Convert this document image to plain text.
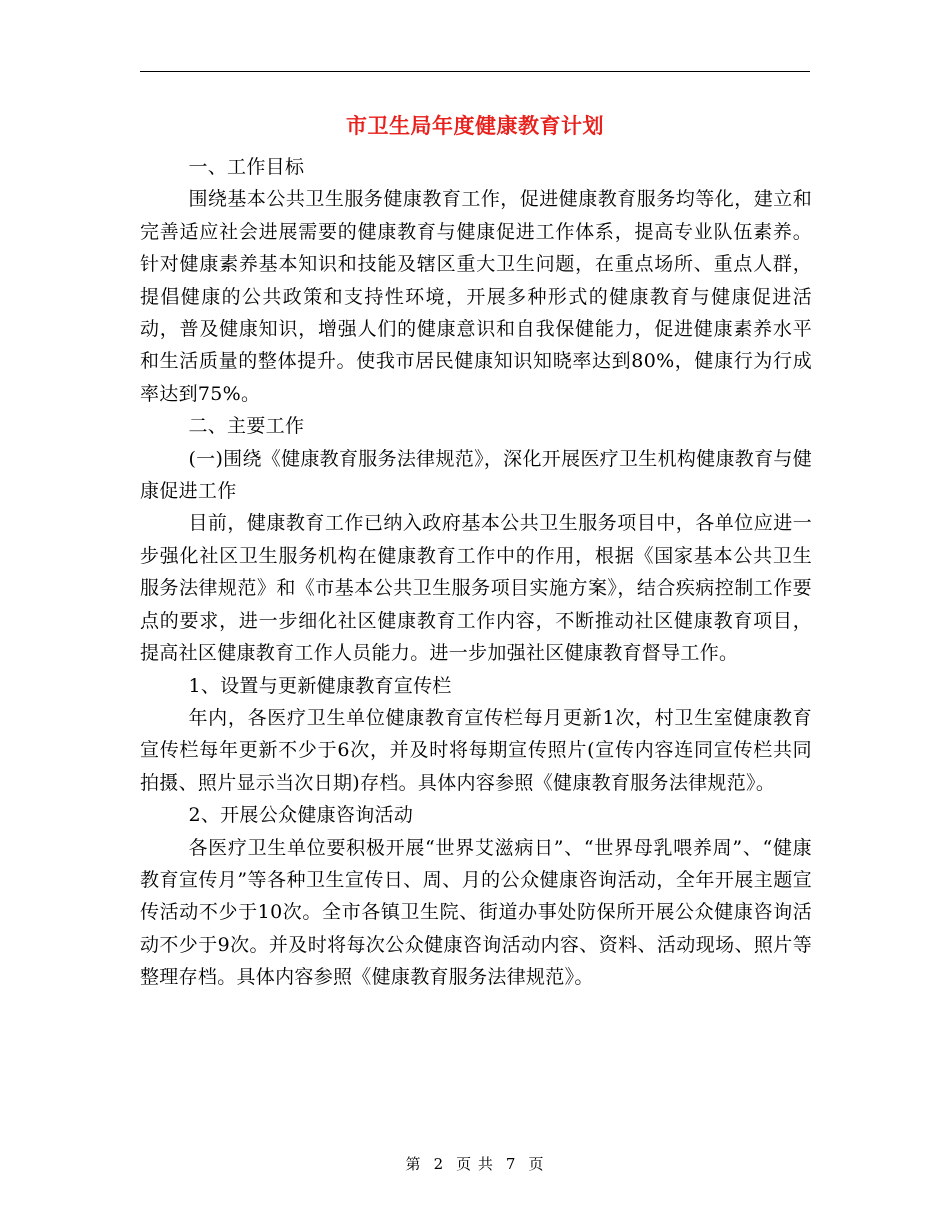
市卫生局年度健康教育计划

一、工作目标

围绕基本公共卫生服务健康教育工作，促进健康教育服务均等化，建立和完善适应社会进展需要的健康教育与健康促进工作体系，提高专业队伍素养。针对健康素养基本知识和技能及辖区重大卫生问题，在重点场所、重点人群，提倡健康的公共政策和支持性环境，开展多种形式的健康教育与健康促进活动，普及健康知识，增强人们的健康意识和自我保健能力，促进健康素养水平和生活质量的整体提升。使我市居民健康知识知晓率达到80%，健康行为行成率达到75%。

二、主要工作

(一)围绕《健康教育服务法律规范》，深化开展医疗卫生机构健康教育与健康促进工作

目前，健康教育工作已纳入政府基本公共卫生服务项目中，各单位应进一步强化社区卫生服务机构在健康教育工作中的作用，根据《国家基本公共卫生服务法律规范》和《市基本公共卫生服务项目实施方案》，结合疾病控制工作要点的要求，进一步细化社区健康教育工作内容，不断推动社区健康教育项目，提高社区健康教育工作人员能力。进一步加强社区健康教育督导工作。

1、设置与更新健康教育宣传栏

年内，各医疗卫生单位健康教育宣传栏每月更新1次，村卫生室健康教育宣传栏每年更新不少于6次，并及时将每期宣传照片(宣传内容连同宣传栏共同拍摄、照片显示当次日期)存档。具体内容参照《健康教育服务法律规范》。

2、开展公众健康咨询活动

各医疗卫生单位要积极开展“世界艾滋病日”、“世界母乳喂养周”、“健康教育宣传月”等各种卫生宣传日、周、月的公众健康咨询活动，全年开展主题宣传活动不少于10次。全市各镇卫生院、街道办事处防保所开展公众健康咨询活动不少于9次。并及时将每次公众健康咨询活动内容、资料、活动现场、照片等整理存档。具体内容参照《健康教育服务法律规范》。

第 2 页 共 7 页
